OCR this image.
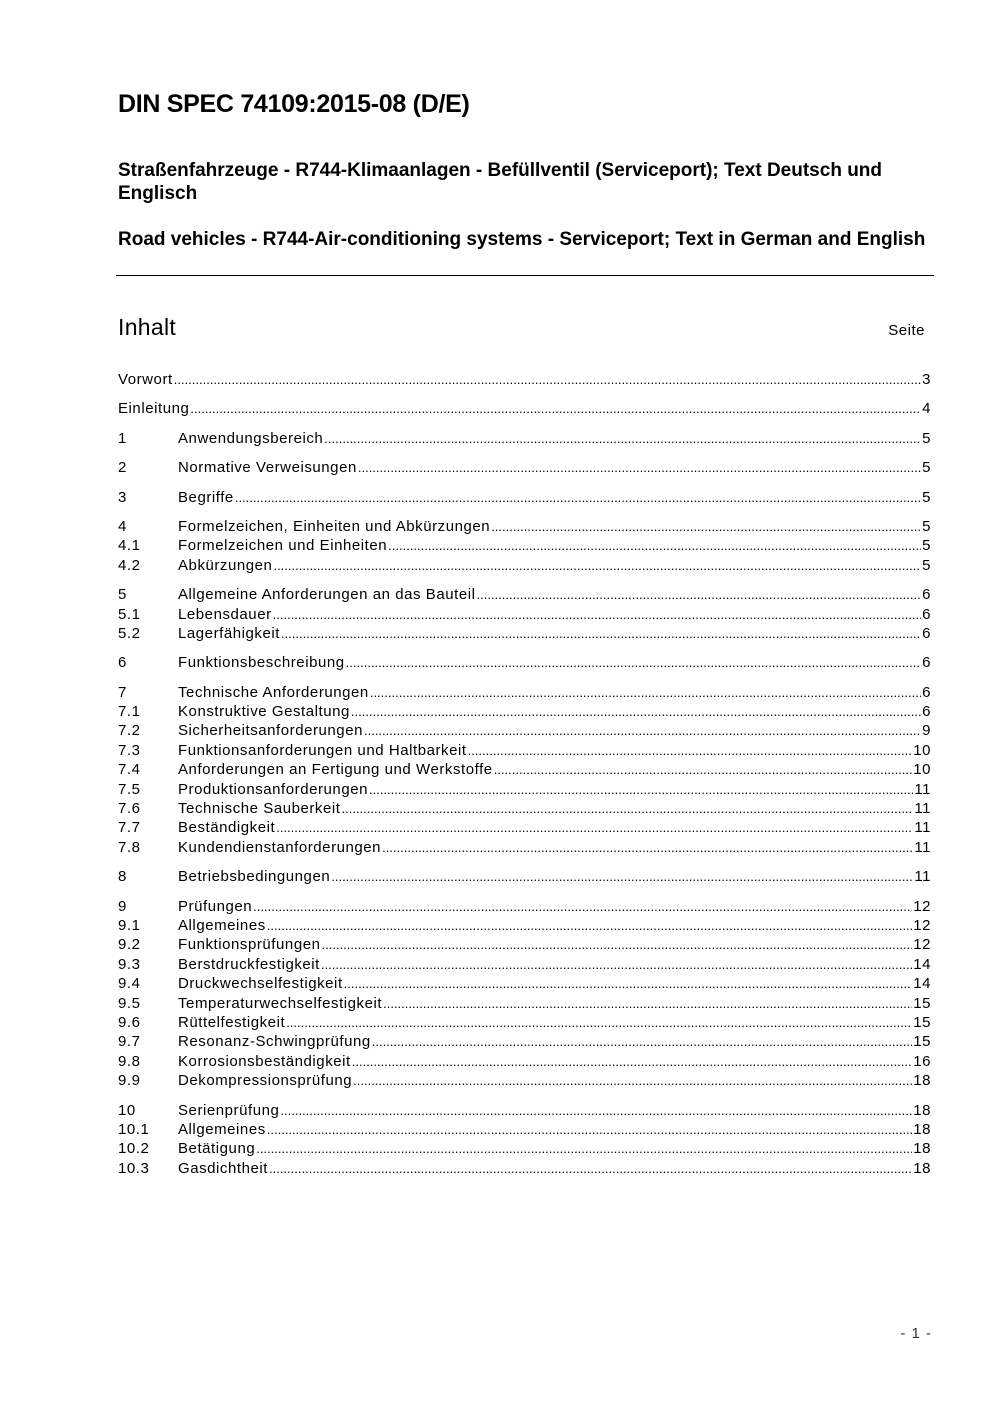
DIN SPEC 74109:2015-08 (D/E)
Straßenfahrzeuge - R744-Klimaanlagen - Befüllventil (Serviceport); Text Deutsch und Englisch
Road vehicles - R744-Air-conditioning systems - Serviceport; Text in German and English
Inhalt	Seite
Vorwort .....	3
Einleitung .....	4
1	Anwendungsbereich .....	5
2	Normative Verweisungen .....	5
3	Begriffe .....	5
4	Formelzeichen, Einheiten und Abkürzungen .....	5
4.1	Formelzeichen und Einheiten .....	5
4.2	Abkürzungen .....	5
5	Allgemeine Anforderungen an das Bauteil .....	6
5.1	Lebensdauer .....	6
5.2	Lagerfähigkeit .....	6
6	Funktionsbeschreibung .....	6
7	Technische Anforderungen .....	6
7.1	Konstruktive Gestaltung .....	6
7.2	Sicherheitsanforderungen .....	9
7.3	Funktionsanforderungen und Haltbarkeit .....	10
7.4	Anforderungen an Fertigung und Werkstoffe .....	10
7.5	Produktionsanforderungen .....	11
7.6	Technische Sauberkeit .....	11
7.7	Beständigkeit .....	11
7.8	Kundendienstanforderungen .....	11
8	Betriebsbedingungen .....	11
9	Prüfungen .....	12
9.1	Allgemeines .....	12
9.2	Funktionsprüfungen .....	12
9.3	Berstdruckfestigkeit .....	14
9.4	Druckwechselfestigkeit .....	14
9.5	Temperaturwechselfestigkeit .....	15
9.6	Rüttelfestigkeit .....	15
9.7	Resonanz-Schwingprüfung .....	15
9.8	Korrosionsbeständigkeit .....	16
9.9	Dekompressionsprüfung .....	18
10	Serienprüfung .....	18
10.1	Allgemeines .....	18
10.2	Betätigung .....	18
10.3	Gasdichtheit .....	18
- 1 -
